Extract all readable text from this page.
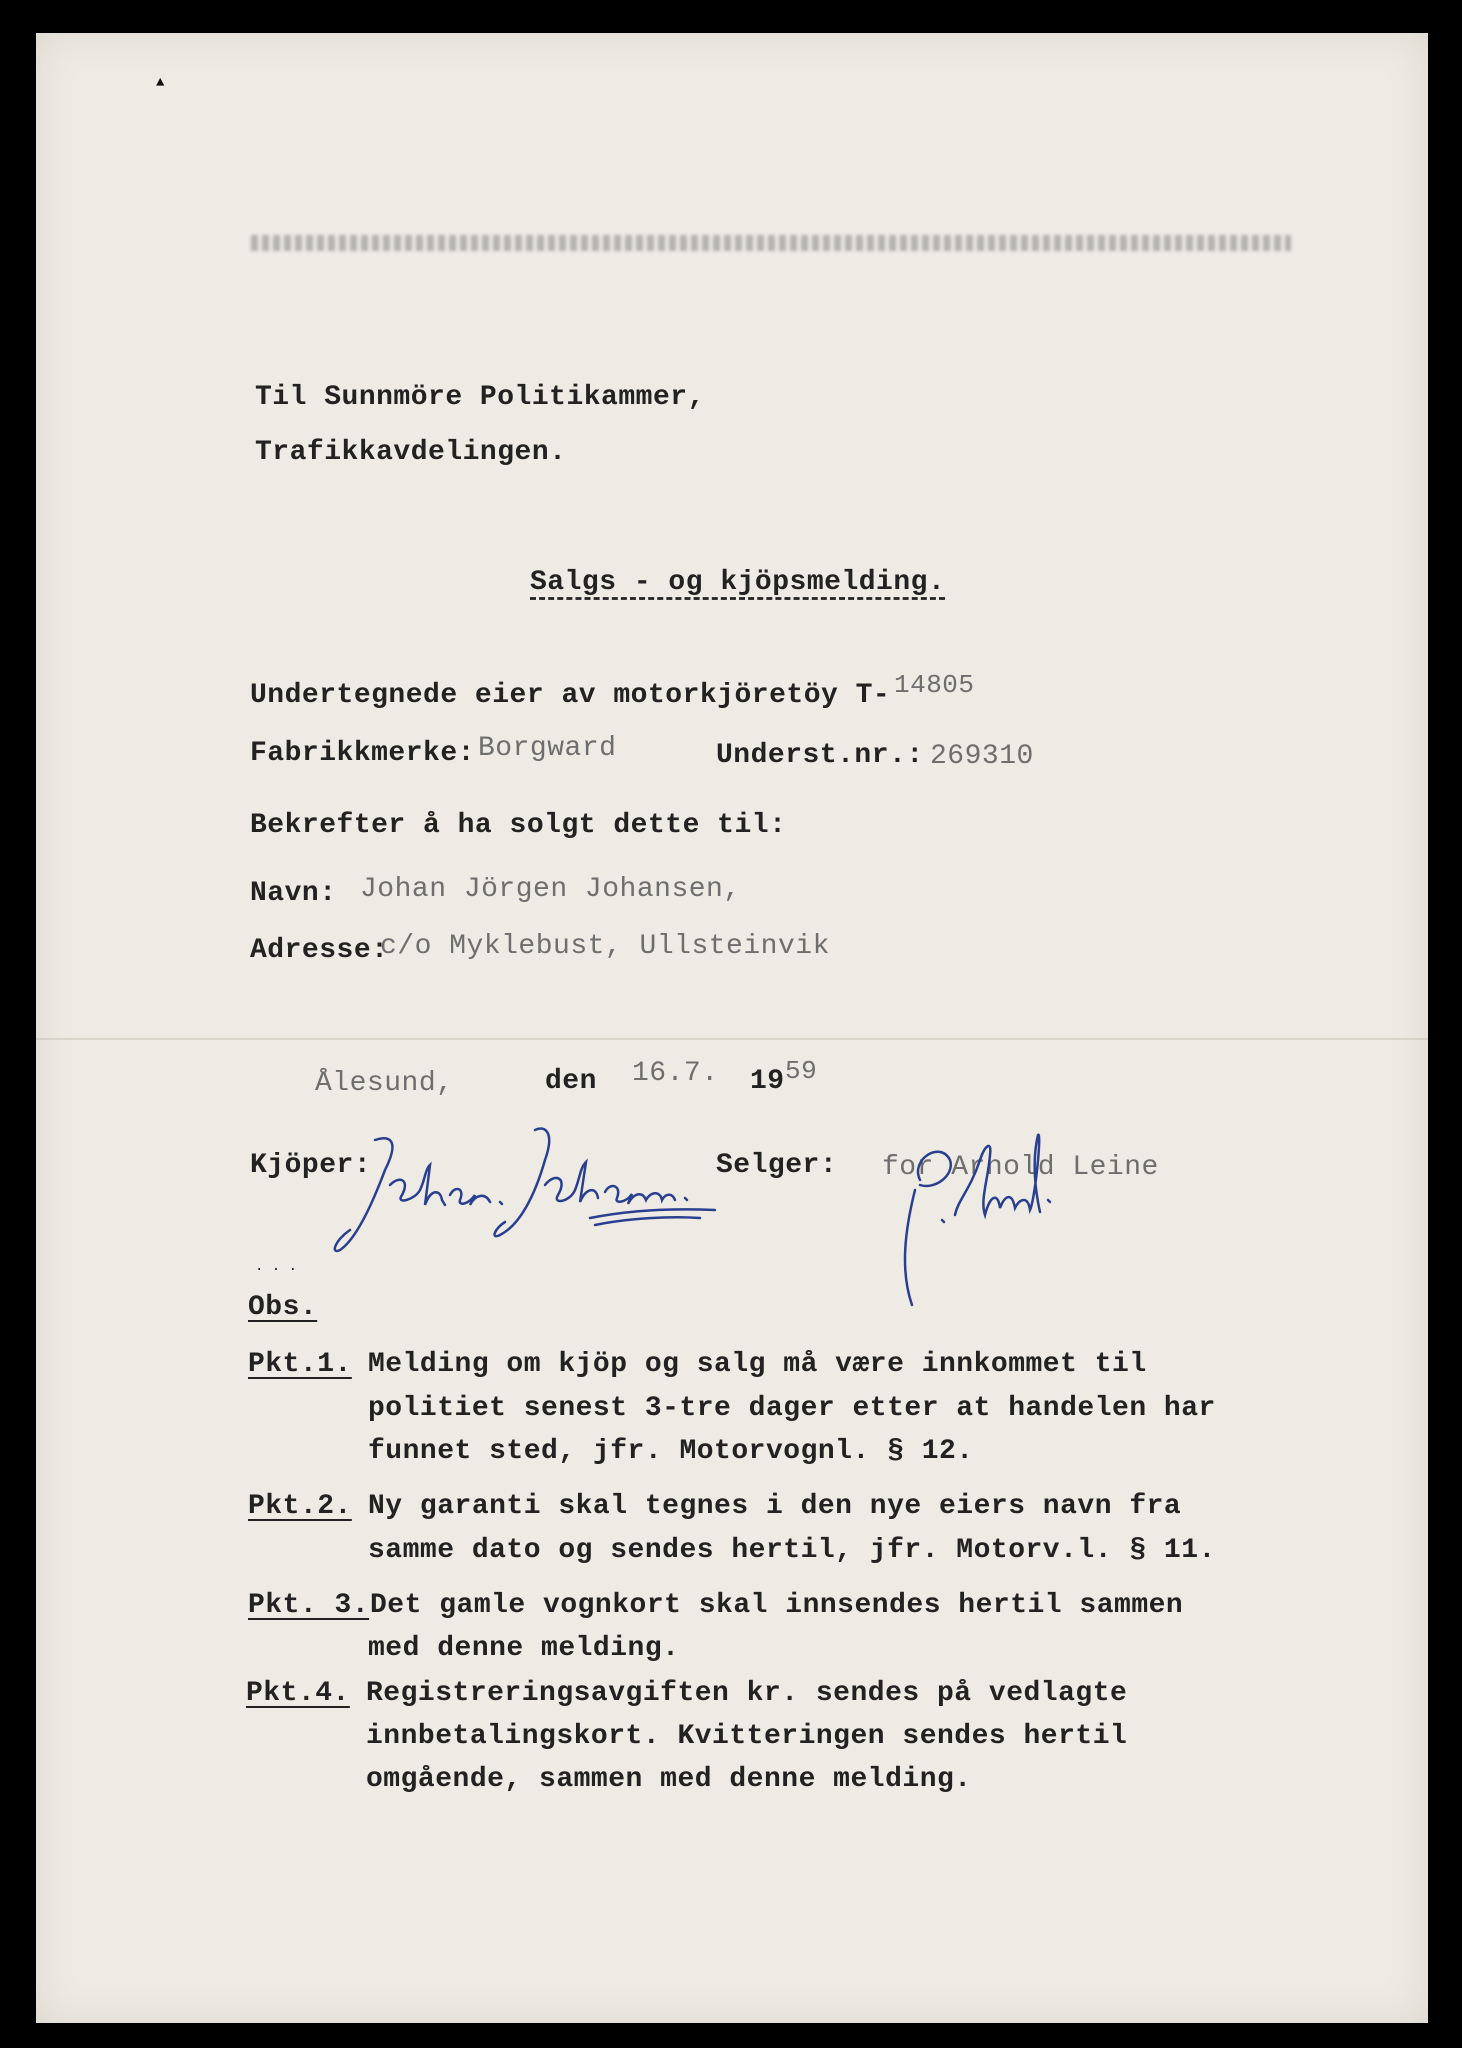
▲
Til Sunnmöre Politikammer,
Trafikkavdelingen.
Salgs - og kjöpsmelding.
Undertegnede eier av motorkjöretöy T- 14805
Fabrikkmerke: Borgward	Underst.nr.: 269310
Bekrefter å ha solgt dette til:
Navn: Johan Jörgen Johansen,
Adresse:
c/o Myklebust, Ullsteinvik
Ålesund,	den 16.7. 19 59
Kjöper:	Selger: for Arnold Leine
· · ·
Obs.
Pkt.1. Melding om kjöp og salg må være innkommet til
politiet senest 3-tre dager etter at handelen har
funnet sted, jfr. Motorvognl. § 12.
Pkt.2. Ny garanti skal tegnes i den nye eiers navn fra
samme dato og sendes hertil, jfr. Motorv.l. § 11.
Pkt. 3. Det gamle vognkort skal innsendes hertil sammen
med denne melding.
Pkt.4. Registreringsavgiften kr. sendes på vedlagte
innbetalingskort. Kvitteringen sendes hertil
omgående, sammen med denne melding.
